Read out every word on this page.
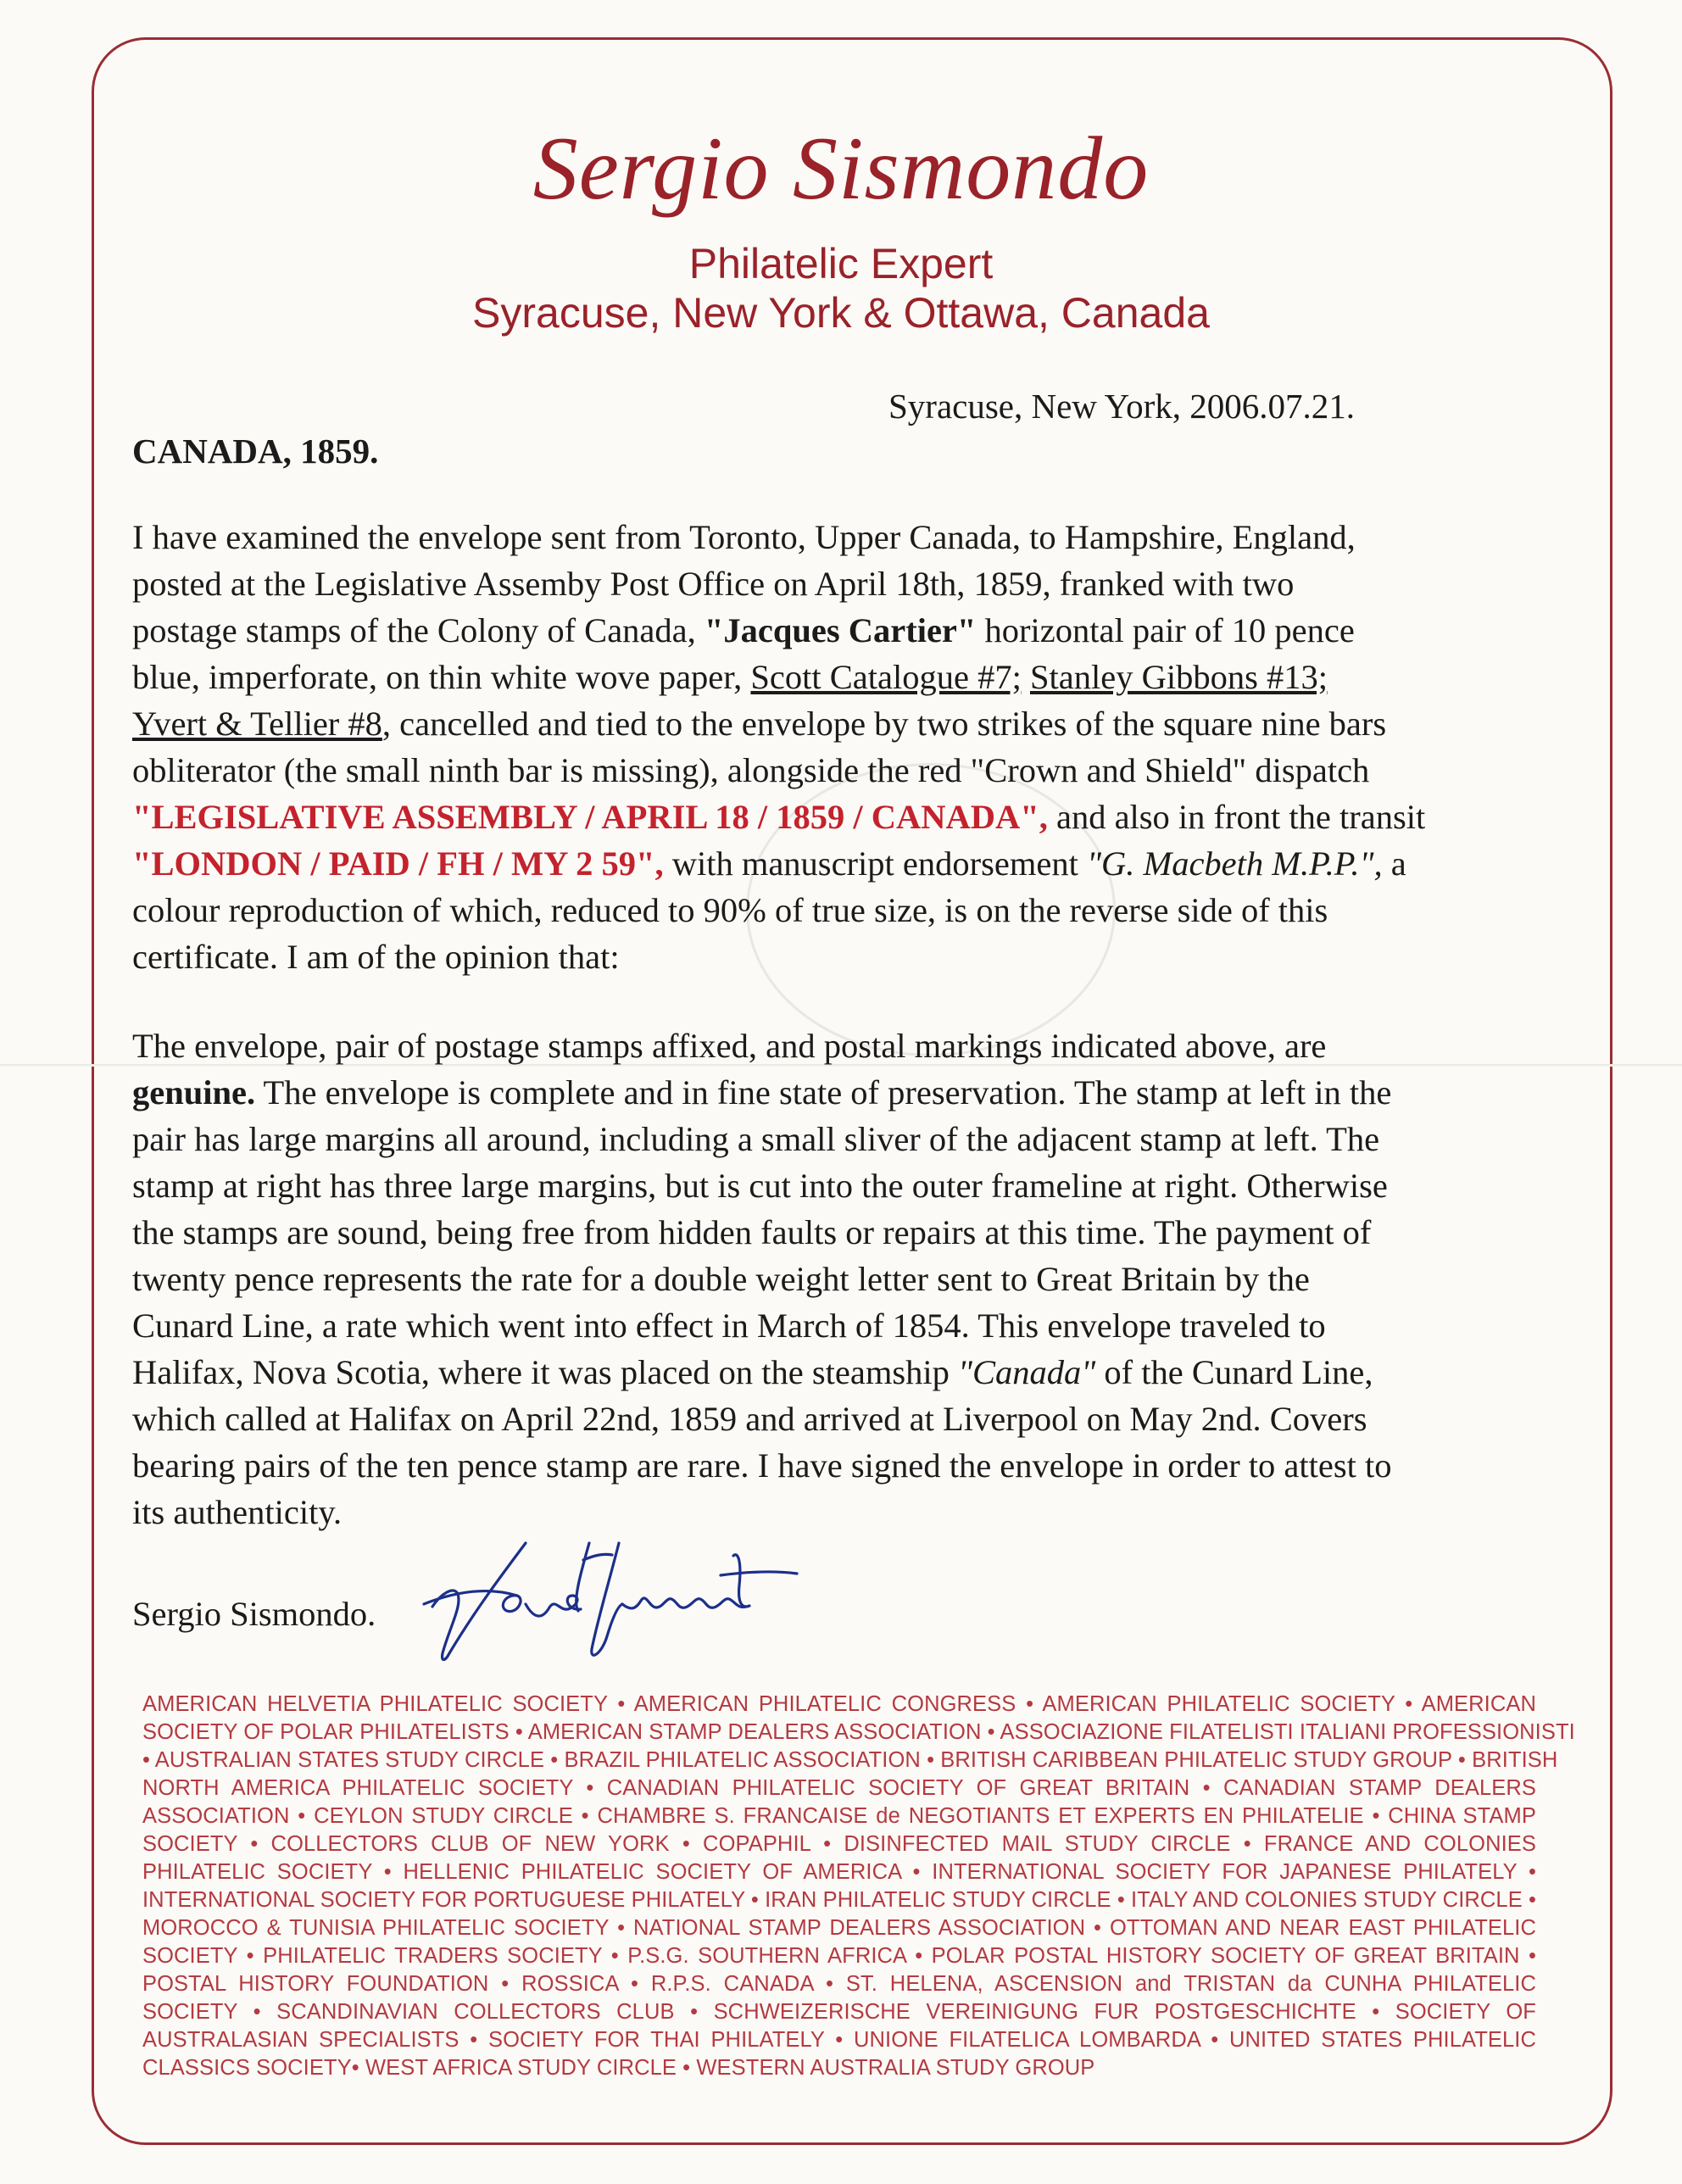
Sergio Sismondo
Philatelic Expert
Syracuse, New York & Ottawa, Canada
Syracuse, New York, 2006.07.21.
CANADA, 1859.
I have examined the envelope sent from Toronto, Upper Canada, to Hampshire, England,
posted at the Legislative Assemby Post Office on April 18th, 1859, franked with two
postage stamps of the Colony of Canada, "Jacques Cartier" horizontal pair of 10 pence
blue, imperforate, on thin white wove paper, Scott Catalogue #7; Stanley Gibbons #13;
Yvert & Tellier #8, cancelled and tied to the envelope by two strikes of the square nine bars
obliterator (the small ninth bar is missing), alongside the red "Crown and Shield" dispatch
"LEGISLATIVE ASSEMBLY / APRIL 18 / 1859 / CANADA", and also in front the transit
"LONDON / PAID / FH / MY 2 59", with manuscript endorsement "G. Macbeth M.P.P.", a
colour reproduction of which, reduced to 90% of true size, is on the reverse side of this
certificate. I am of the opinion that:
The envelope, pair of postage stamps affixed, and postal markings indicated above, are
genuine. The envelope is complete and in fine state of preservation. The stamp at left in the
pair has large margins all around, including a small sliver of the adjacent stamp at left. The
stamp at right has three large margins, but is cut into the outer frameline at right. Otherwise
the stamps are sound, being free from hidden faults or repairs at this time. The payment of
twenty pence represents the rate for a double weight letter sent to Great Britain by the
Cunard Line, a rate which went into effect in March of 1854. This envelope traveled to
Halifax, Nova Scotia, where it was placed on the steamship "Canada" of the Cunard Line,
which called at Halifax on April 22nd, 1859 and arrived at Liverpool on May 2nd. Covers
bearing pairs of the ten pence stamp are rare. I have signed the envelope in order to attest to
its authenticity.
Sergio Sismondo.
AMERICAN HELVETIA PHILATELIC SOCIETY • AMERICAN PHILATELIC CONGRESS • AMERICAN PHILATELIC SOCIETY • AMERICAN
SOCIETY OF POLAR PHILATELISTS • AMERICAN STAMP DEALERS ASSOCIATION • ASSOCIAZIONE FILATELISTI ITALIANI PROFESSIONISTI
• AUSTRALIAN STATES STUDY CIRCLE • BRAZIL PHILATELIC ASSOCIATION • BRITISH CARIBBEAN PHILATELIC STUDY GROUP • BRITISH
NORTH AMERICA PHILATELIC SOCIETY • CANADIAN PHILATELIC SOCIETY OF GREAT BRITAIN • CANADIAN STAMP DEALERS
ASSOCIATION • CEYLON STUDY CIRCLE • CHAMBRE S. FRANCAISE de NEGOTIANTS ET EXPERTS EN PHILATELIE • CHINA STAMP
SOCIETY • COLLECTORS CLUB OF NEW YORK • COPAPHIL • DISINFECTED MAIL STUDY CIRCLE • FRANCE AND COLONIES
PHILATELIC SOCIETY • HELLENIC PHILATELIC SOCIETY OF AMERICA • INTERNATIONAL SOCIETY FOR JAPANESE PHILATELY •
INTERNATIONAL SOCIETY FOR PORTUGUESE PHILATELY • IRAN PHILATELIC STUDY CIRCLE • ITALY AND COLONIES STUDY CIRCLE •
MOROCCO & TUNISIA PHILATELIC SOCIETY • NATIONAL STAMP DEALERS ASSOCIATION • OTTOMAN AND NEAR EAST PHILATELIC
SOCIETY • PHILATELIC TRADERS SOCIETY • P.S.G. SOUTHERN AFRICA • POLAR POSTAL HISTORY SOCIETY OF GREAT BRITAIN •
POSTAL HISTORY FOUNDATION • ROSSICA • R.P.S. CANADA • ST. HELENA, ASCENSION and TRISTAN da CUNHA PHILATELIC
SOCIETY • SCANDINAVIAN COLLECTORS CLUB • SCHWEIZERISCHE VEREINIGUNG FUR POSTGESCHICHTE • SOCIETY OF
AUSTRALASIAN SPECIALISTS • SOCIETY FOR THAI PHILATELY • UNIONE FILATELICA LOMBARDA • UNITED STATES PHILATELIC
CLASSICS SOCIETY• WEST AFRICA STUDY CIRCLE • WESTERN AUSTRALIA STUDY GROUP
